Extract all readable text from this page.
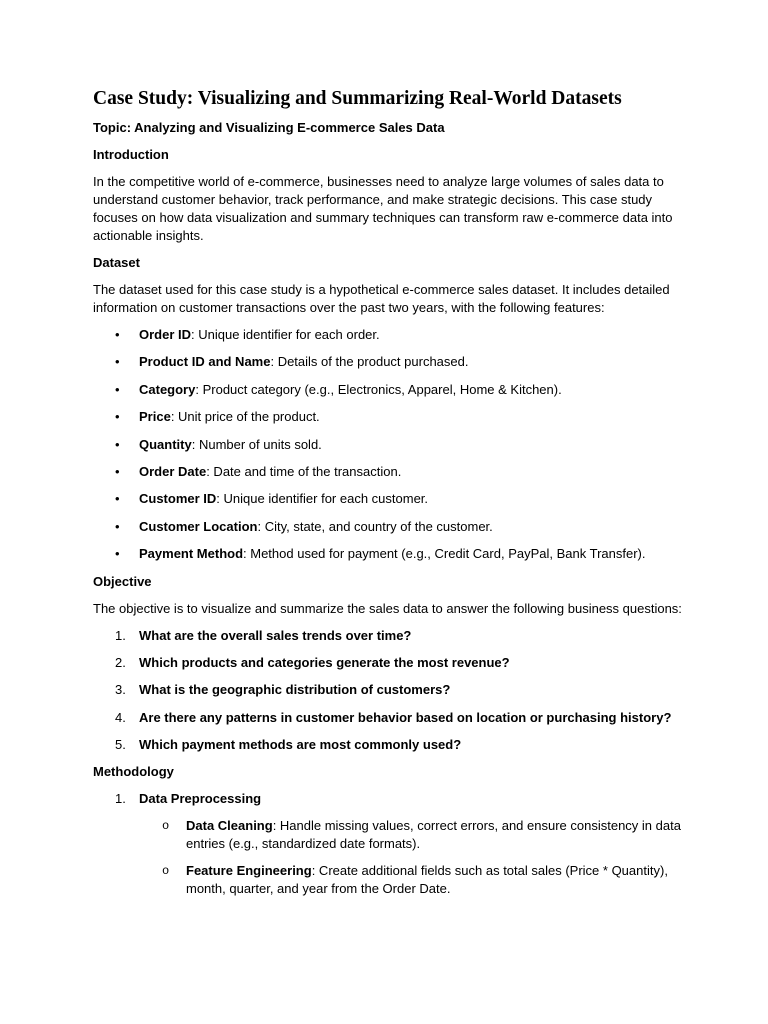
Case Study: Visualizing and Summarizing Real-World Datasets
Topic: Analyzing and Visualizing E-commerce Sales Data
Introduction

In the competitive world of e-commerce, businesses need to analyze large volumes of sales data to understand customer behavior, track performance, and make strategic decisions. This case study focuses on how data visualization and summary techniques can transform raw e-commerce data into actionable insights.

Dataset

The dataset used for this case study is a hypothetical e-commerce sales dataset. It includes detailed information on customer transactions over the past two years, with the following features:

• Order ID: Unique identifier for each order.
• Product ID and Name: Details of the product purchased.
• Category: Product category (e.g., Electronics, Apparel, Home & Kitchen).
• Price: Unit price of the product.
• Quantity: Number of units sold.
• Order Date: Date and time of the transaction.
• Customer ID: Unique identifier for each customer.
• Customer Location: City, state, and country of the customer.
• Payment Method: Method used for payment (e.g., Credit Card, PayPal, Bank Transfer).
Objective

The objective is to visualize and summarize the sales data to answer the following business questions:

1. What are the overall sales trends over time?
2. Which products and categories generate the most revenue?
3. What is the geographic distribution of customers?
4. Are there any patterns in customer behavior based on location or purchasing history?
5. Which payment methods are most commonly used?
Methodology
1. Data Preprocessing
o Data Cleaning: Handle missing values, correct errors, and ensure consistency in data entries (e.g., standardized date formats).
o Feature Engineering: Create additional fields such as total sales (Price * Quantity), month, quarter, and year from the Order Date.
